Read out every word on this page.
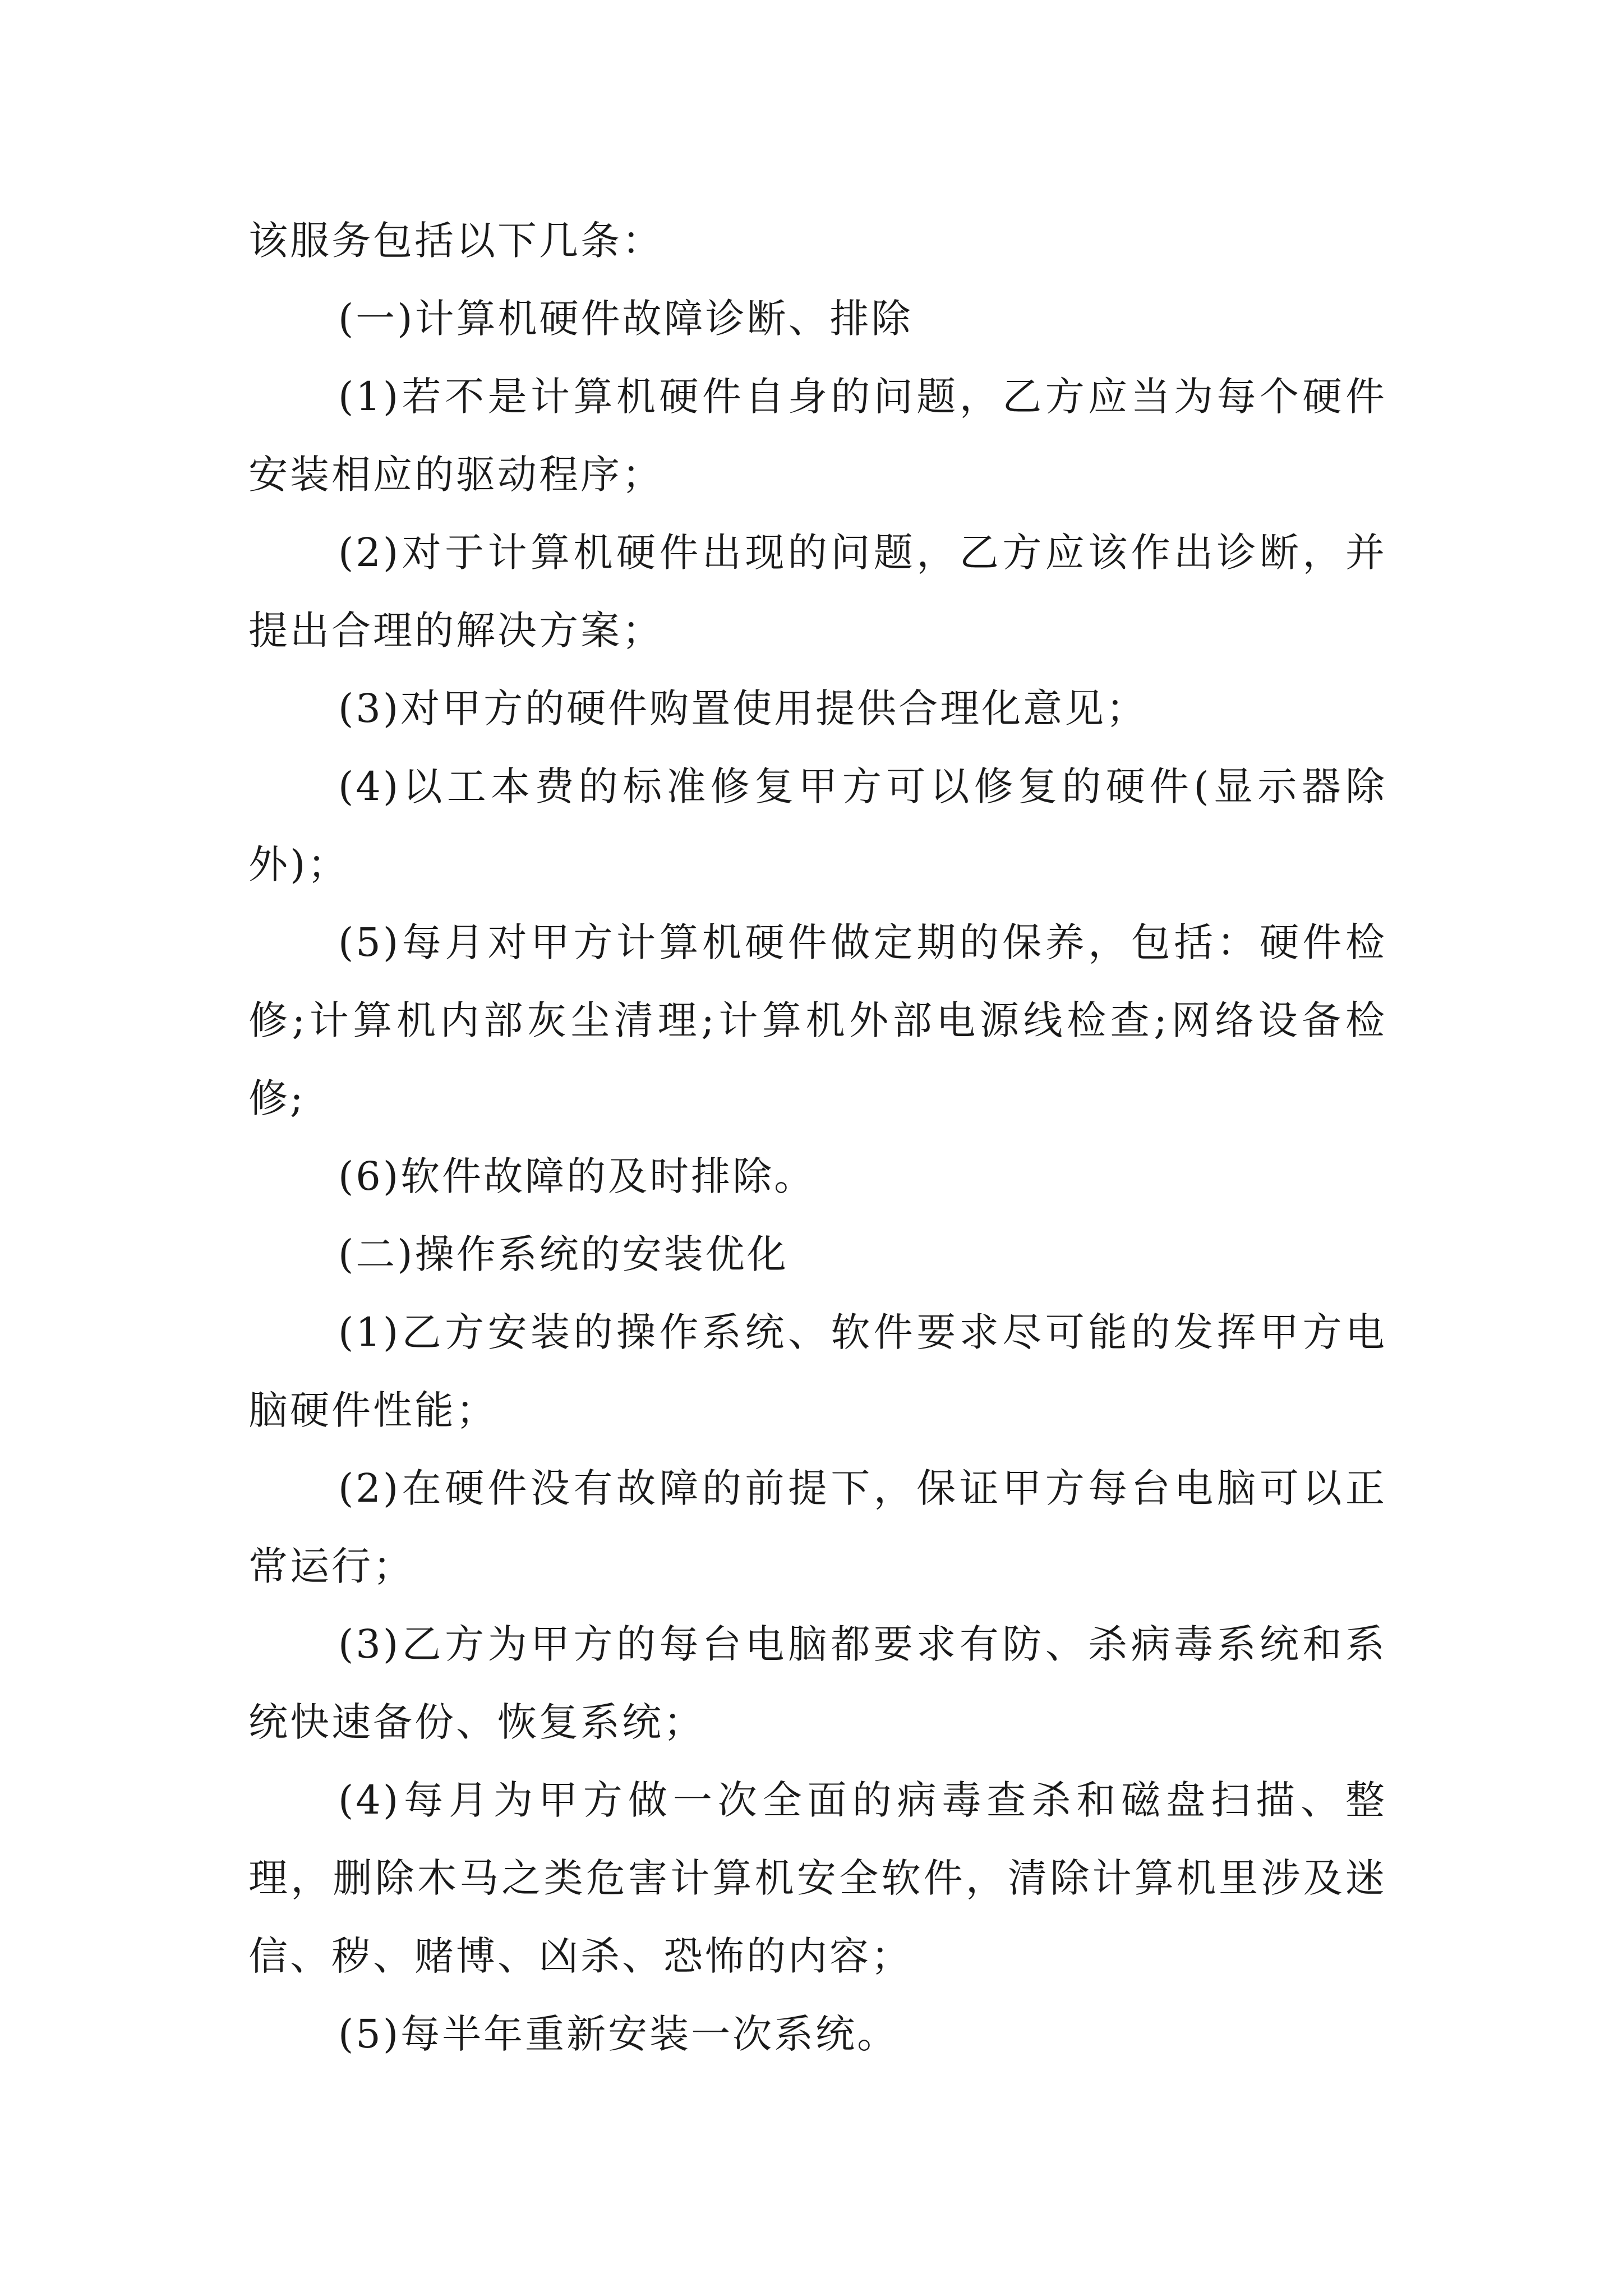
该服务包括以下几条：

(一)计算机硬件故障诊断、排除

(1)若不是计算机硬件自身的问题，乙方应当为每个硬件安装相应的驱动程序；

(2)对于计算机硬件出现的问题，乙方应该作出诊断，并提出合理的解决方案；

(3)对甲方的硬件购置使用提供合理化意见；

(4)以工本费的标准修复甲方可以修复的硬件(显示器除外)；

(5)每月对甲方计算机硬件做定期的保养，包括：硬件检修;计算机内部灰尘清理;计算机外部电源线检查;网络设备检修;

(6)软件故障的及时排除。

(二)操作系统的安装优化

(1)乙方安装的操作系统、软件要求尽可能的发挥甲方电脑硬件性能；

(2)在硬件没有故障的前提下，保证甲方每台电脑可以正常运行；

(3)乙方为甲方的每台电脑都要求有防、杀病毒系统和系统快速备份、恢复系统；

(4)每月为甲方做一次全面的病毒查杀和磁盘扫描、整理，删除木马之类危害计算机安全软件，清除计算机里涉及迷信、秽、赌博、凶杀、恐怖的内容；

(5)每半年重新安装一次系统。
